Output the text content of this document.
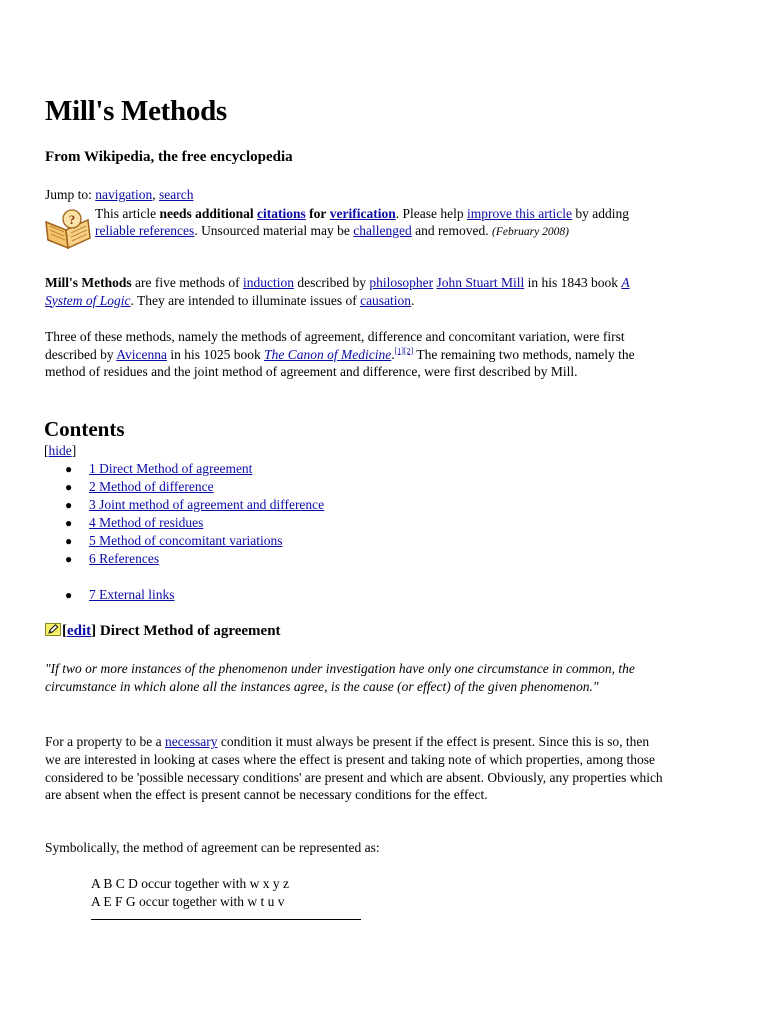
Mill's Methods
From Wikipedia, the free encyclopedia
Jump to: navigation, search
? This article needs additional citations for verification. Please help improve this article by adding reliable references. Unsourced material may be challenged and removed. (February 2008)
Mill's Methods are five methods of induction described by philosopher John Stuart Mill in his 1843 book A System of Logic. They are intended to illuminate issues of causation.
Three of these methods, namely the methods of agreement, difference and concomitant variation, were first described by Avicenna in his 1025 book The Canon of Medicine.[1][2] The remaining two methods, namely the method of residues and the joint method of agreement and difference, were first described by Mill.
Contents
[hide]
● 1 Direct Method of agreement
● 2 Method of difference
● 3 Joint method of agreement and difference
● 4 Method of residues
● 5 Method of concomitant variations
● 6 References
● 7 External links
[edit] Direct Method of agreement
"If two or more instances of the phenomenon under investigation have only one circumstance in common, the circumstance in which alone all the instances agree, is the cause (or effect) of the given phenomenon."
For a property to be a necessary condition it must always be present if the effect is present. Since this is so, then we are interested in looking at cases where the effect is present and taking note of which properties, among those considered to be 'possible necessary conditions' are present and which are absent. Obviously, any properties which are absent when the effect is present cannot be necessary conditions for the effect.
Symbolically, the method of agreement can be represented as:
A B C D occur together with w x y z
A E F G occur together with w t u v
